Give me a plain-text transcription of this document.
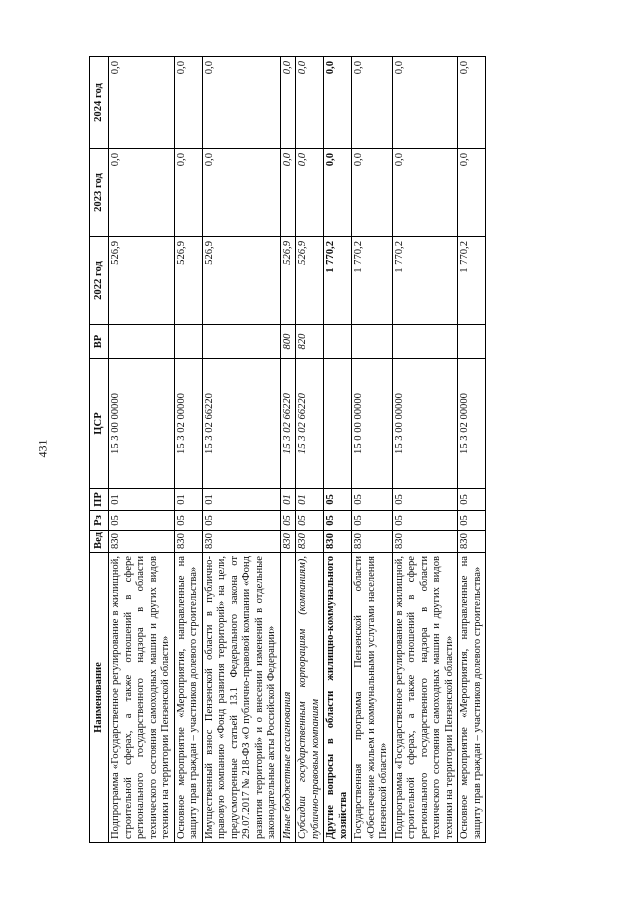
431
Наименование	Вед	Рз	ПР	ЦСР	ВР	2022 год	2023 год	2024 год
Подпрограмма «Государственное регулирование в жилищной, строительной сферах, а также отношений в сфере регионального государственного надзора в области технического состояния самоходных машин и других видов техники на территории Пензенской области»	830	05	01	15 3 00 00000		526,9	0,0	0,0
Основное мероприятие «Мероприятия, направленные на защиту прав граждан – участников долевого строительства»	830	05	01	15 3 02 00000		526,9	0,0	0,0
Имущественный взнос Пензенской области в публично-правовую компанию «Фонд развития территорий» на цели, предусмотренные статьей 13.1 Федерального закона от 29.07.2017 № 218-ФЗ «О публично-правовой компании «Фонд развития территорий» и о внесении изменений в отдельные законодательные акты Российской Федерации»	830	05	01	15 3 02 66220		526,9	0,0	0,0
Иные бюджетные ассигнования	830	05	01	15 3 02 66220	800	526,9	0,0	0,0
Субсидии государственным корпорациям (компаниям), публично-правовым компаниям	830	05	01	15 3 02 66220	820	526,9	0,0	0,0
Другие вопросы в области жилищно-коммунального хозяйства	830	05	05			1 770,2	0,0	0,0
Государственная программа Пензенской области «Обеспечение жильем и коммунальными услугами населения Пензенской области»	830	05	05	15 0 00 00000		1 770,2	0,0	0,0
Подпрограмма «Государственное регулирование в жилищной, строительной сферах, а также отношений в сфере регионального государственного надзора в области технического состояния самоходных машин и других видов техники на территории Пензенской области»	830	05	05	15 3 00 00000		1 770,2	0,0	0,0
Основное мероприятие «Мероприятия, направленные на защиту прав граждан – участников долевого строительства»	830	05	05	15 3 02 00000		1 770,2	0,0	0,0
